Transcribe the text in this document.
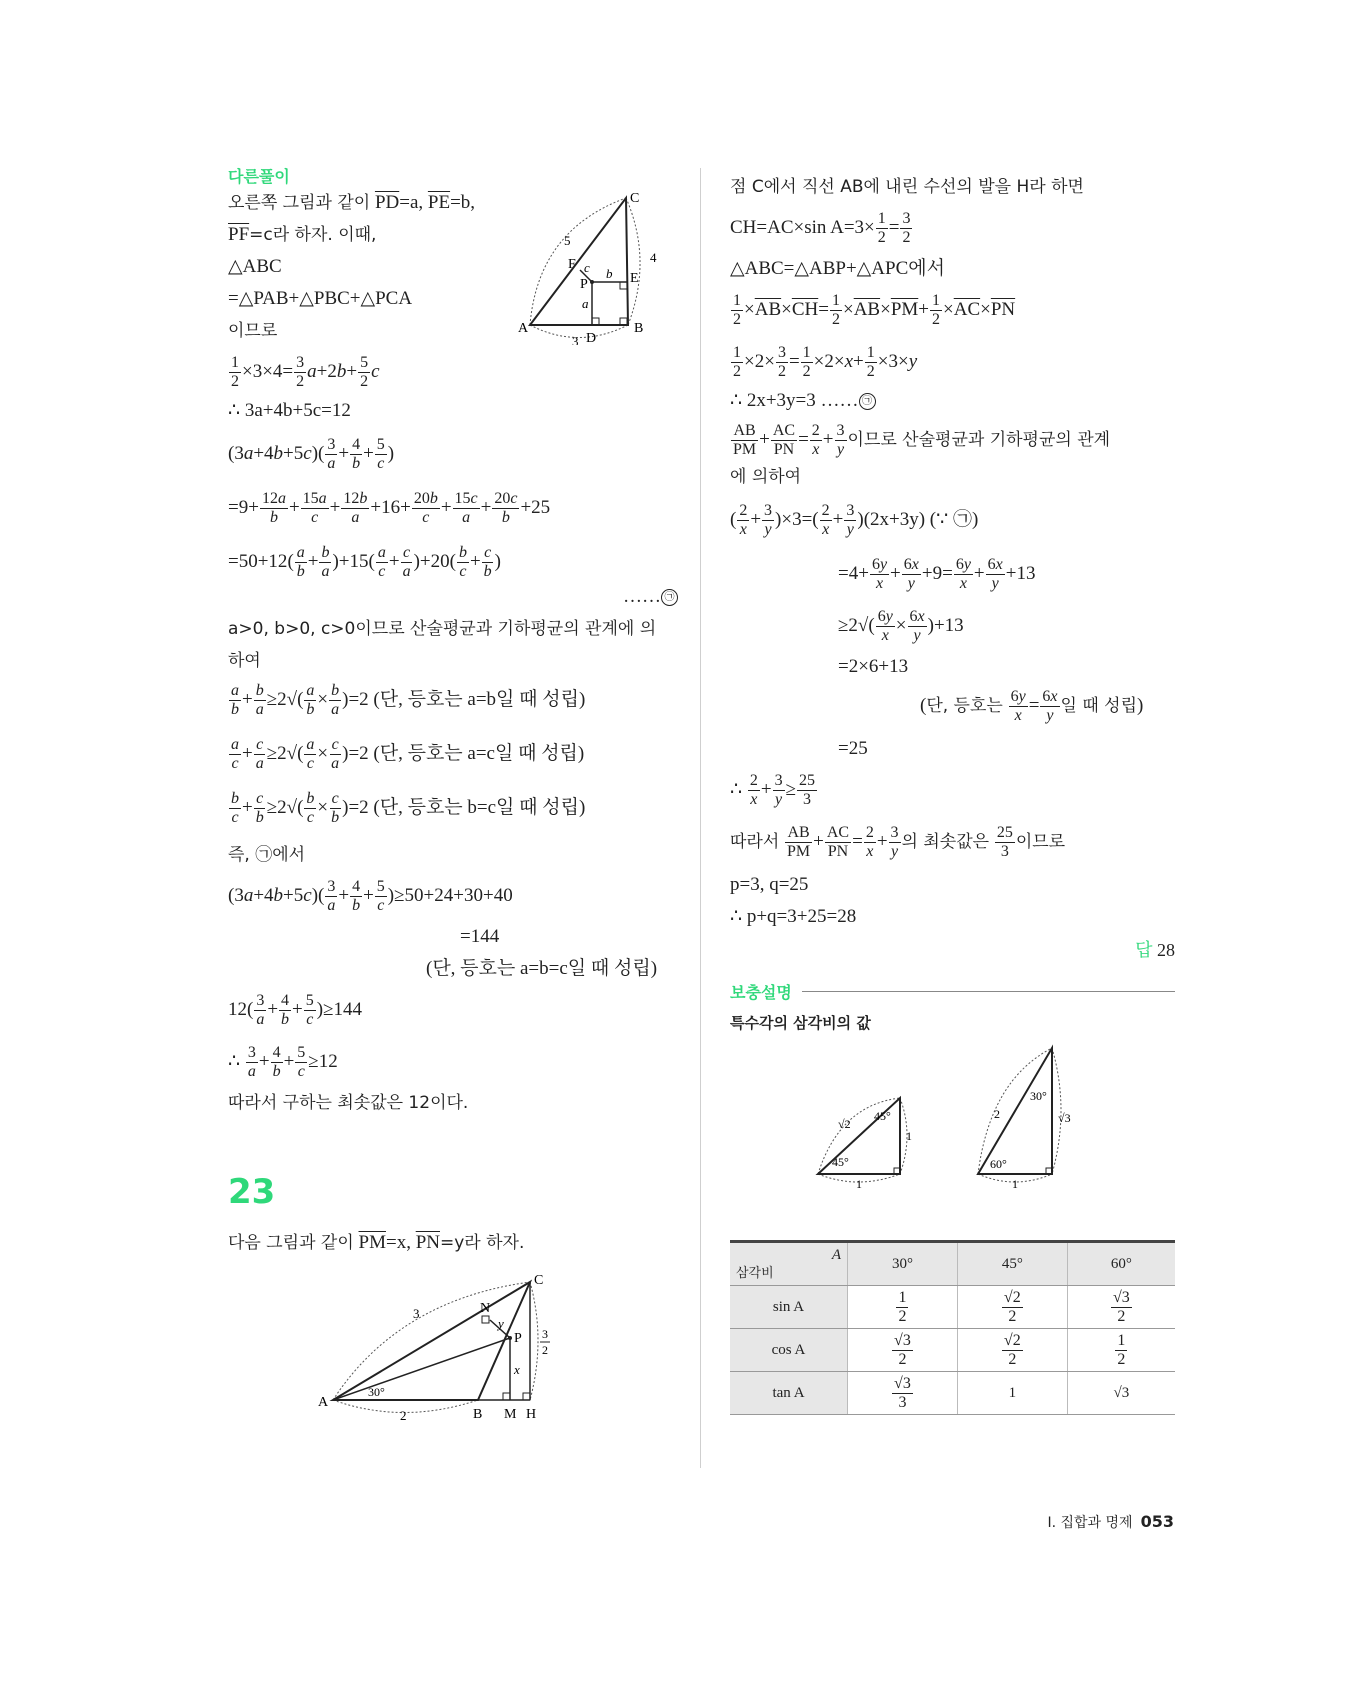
다른풀이
오른쪽 그림과 같이 $\overline{PD}=a$, $\overline{PE}=b$,
$\overline{PF}=c$라 하자. 이때,
△ABC
=△PAB+△PBC+△PCA
이므로
$\frac{1}{2} \times 3\times 4= \frac{3}{2} a+2b+ \frac{5}{2}$ c
∴ 3a+4b+5c=12
$(3a+4b+5c)( \frac{3}{a} + \frac{4}{b} + \frac{5}{c}$ )
$=9+ \frac{12a}{b} + \frac{15a}{c} + \frac{12b}{a} +16+ \frac{20b}{c} + \frac{15c}{a} + \frac{20c}{b} +25$
$=50+12( \frac{a}{b} + \frac{b}{a} )+15( \frac{a}{c} + \frac{c}{a} )+20( \frac{b}{c} + \frac{c}{b}$ )
…… ㉠
a>0, b>0, c>0이므로 산술평균과 기하평균의 관계에 의
하여
$\frac{a}{b} + \frac{b}{a} \ge 2√( \frac{a}{b} \times \frac{b}{a} )=2$ (단, 등호는 a=b일 때 성립)
$\frac{a}{c} + \frac{c}{a} \ge 2√( \frac{a}{c} \times \frac{c}{a} )=2$ (단, 등호는 a=c일 때 성립)
$\frac{b}{c} + \frac{c}{b} \ge 2√( \frac{b}{c} \times \frac{c}{b} )=2$ (단, 등호는 b=c일 때 성립)
즉, ㉠에서
$(3a+4b+5c)( \frac{3}{a} + \frac{4}{b} + \frac{5}{c} )\ge 50+24+30+40$
=144
(단, 등호는 a=b=c일 때 성립)
$12( \frac{3}{a} + \frac{4}{b} + \frac{5}{c} )\ge 144$
∴ $\frac{3}{a} + \frac{4}{b} + \frac{5}{c} \ge 12$
따라서 구하는 최솟값은 12이다.
A	B
C
D
E
F
P
5
4
3
a
b
c
23
다음 그림과 같이 $\overline{PM}=x$, $\overline{PN}=y$라 하자.
A
B
C
M H
N
P
3
2
30°
x
y
3
2
점 C에서 직선 AB에 내린 수선의 발을 H라 하면
CH=AC×sin $A=3\times \frac{1}{2} = \frac{3}{2}$
△ABC=△ABP+△APC에서
$\frac{1}{2} \times\overline{AB}\times\overline{CH}= \frac{1}{2} \times\overline{AB}\times\overline{PM}+ \frac{1}{2} \times\overline{AC}\times\overline{PN}$
$\frac{1}{2} \times 2\times \frac{3}{2} = \frac{1}{2} \times 2\times x+ \frac{1}{2} \times 3\times y$
∴ 2x+3y=3 …… ㉠
$\frac{AB}{PM} + \frac{AC}{PN} = \frac{2}{x} + \frac{3}{y}$ 이므로 산술평균과 기하평균의 관계
에 의하여
( $\frac{2}{x} + \frac{3}{y} )\times 3=( \frac{2}{x} + \frac{3}{y} )(2x+3y)$ (∵ ㉠)
$=4+ \frac{6y}{x} + \frac{6x}{y} +9= \frac{6y}{x} + \frac{6x}{y} +13$
$\ge 2√( \frac{6y}{x} \times \frac{6x}{y} )+13$
=2×6+13
(단, 등호는 $\frac{6y}{x} = \frac{6x}{y}$ 일 때 성립)
=25
∴ $\frac{2}{x} + \frac{3}{y} \ge \frac{25}{3}$
따라서 $\frac{AB}{PM} + \frac{AC}{PN} = \frac{2}{x} + \frac{3}{y}$ 의 최솟값은 $\frac{25}{3}$ 이므로
p=3, q=25
∴ p+q=3+25=28
답 28
보충설명
특수각의 삼각비의 값
√2
45°
45°
1
1
2
30°
60°
√3
1
A
삼각비	30°	45°	60°
sin A	$\frac{1}{2}$	$\frac{√2}{2}$	$\frac{√3}{2}$

cos A	$\frac{√3}{2}$	$\frac{√2}{2}$	$\frac{1}{2}$

tan A	$\frac{√3}{3}$	1	√3
Ⅰ. 집합과 명제 053
